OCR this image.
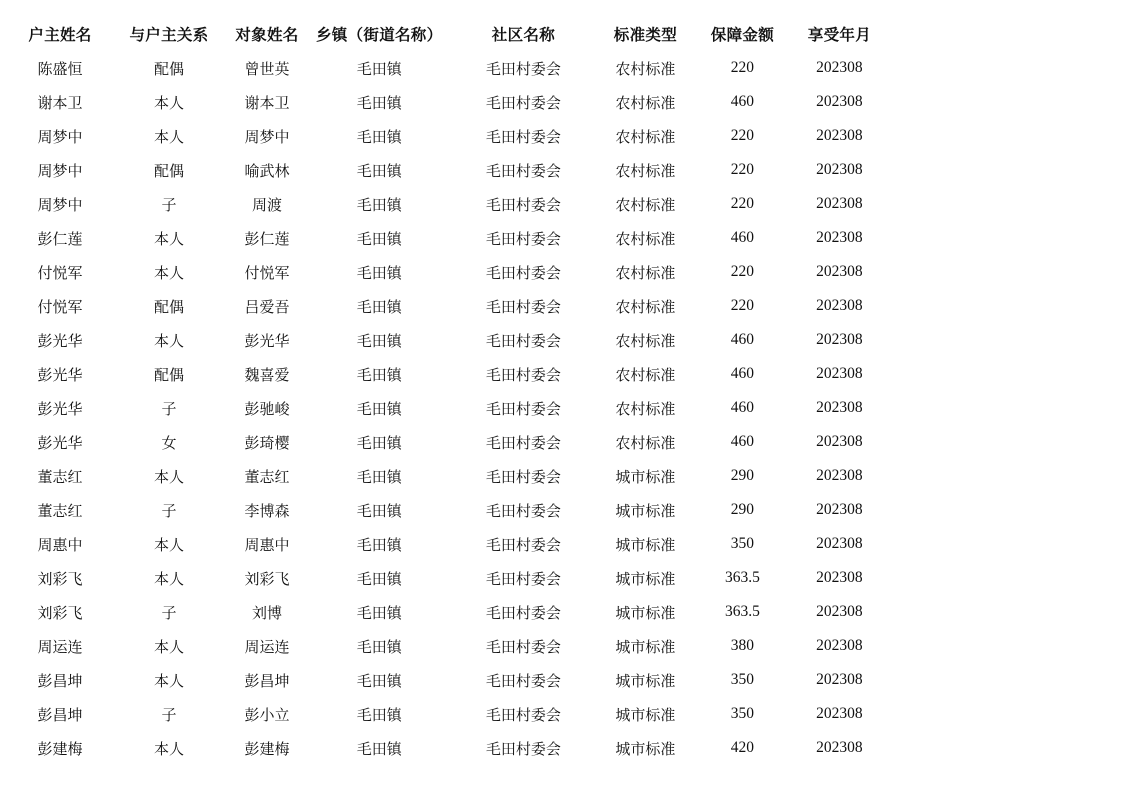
户主姓名	与户主关系	对象姓名	乡镇（街道名称）	社区名称	标准类型	保障金额	享受年月
陈盛恒	配偶	曾世英	毛田镇	毛田村委会	农村标准	220	202308
谢本卫	本人	谢本卫	毛田镇	毛田村委会	农村标准	460	202308
周梦中	本人	周梦中	毛田镇	毛田村委会	农村标准	220	202308
周梦中	配偶	喻武林	毛田镇	毛田村委会	农村标准	220	202308
周梦中	子	周渡	毛田镇	毛田村委会	农村标准	220	202308
彭仁莲	本人	彭仁莲	毛田镇	毛田村委会	农村标准	460	202308
付悦军	本人	付悦军	毛田镇	毛田村委会	农村标准	220	202308
付悦军	配偶	吕爱吾	毛田镇	毛田村委会	农村标准	220	202308
彭光华	本人	彭光华	毛田镇	毛田村委会	农村标准	460	202308
彭光华	配偶	魏喜爱	毛田镇	毛田村委会	农村标准	460	202308
彭光华	子	彭驰峻	毛田镇	毛田村委会	农村标准	460	202308
彭光华	女	彭琦樱	毛田镇	毛田村委会	农村标准	460	202308
董志红	本人	董志红	毛田镇	毛田村委会	城市标准	290	202308
董志红	子	李博森	毛田镇	毛田村委会	城市标准	290	202308
周惠中	本人	周惠中	毛田镇	毛田村委会	城市标准	350	202308
刘彩飞	本人	刘彩飞	毛田镇	毛田村委会	城市标准	363.5	202308
刘彩飞	子	刘博	毛田镇	毛田村委会	城市标准	363.5	202308
周运连	本人	周运连	毛田镇	毛田村委会	城市标准	380	202308
彭昌坤	本人	彭昌坤	毛田镇	毛田村委会	城市标准	350	202308
彭昌坤	子	彭小立	毛田镇	毛田村委会	城市标准	350	202308
彭建梅	本人	彭建梅	毛田镇	毛田村委会	城市标准	420	202308
